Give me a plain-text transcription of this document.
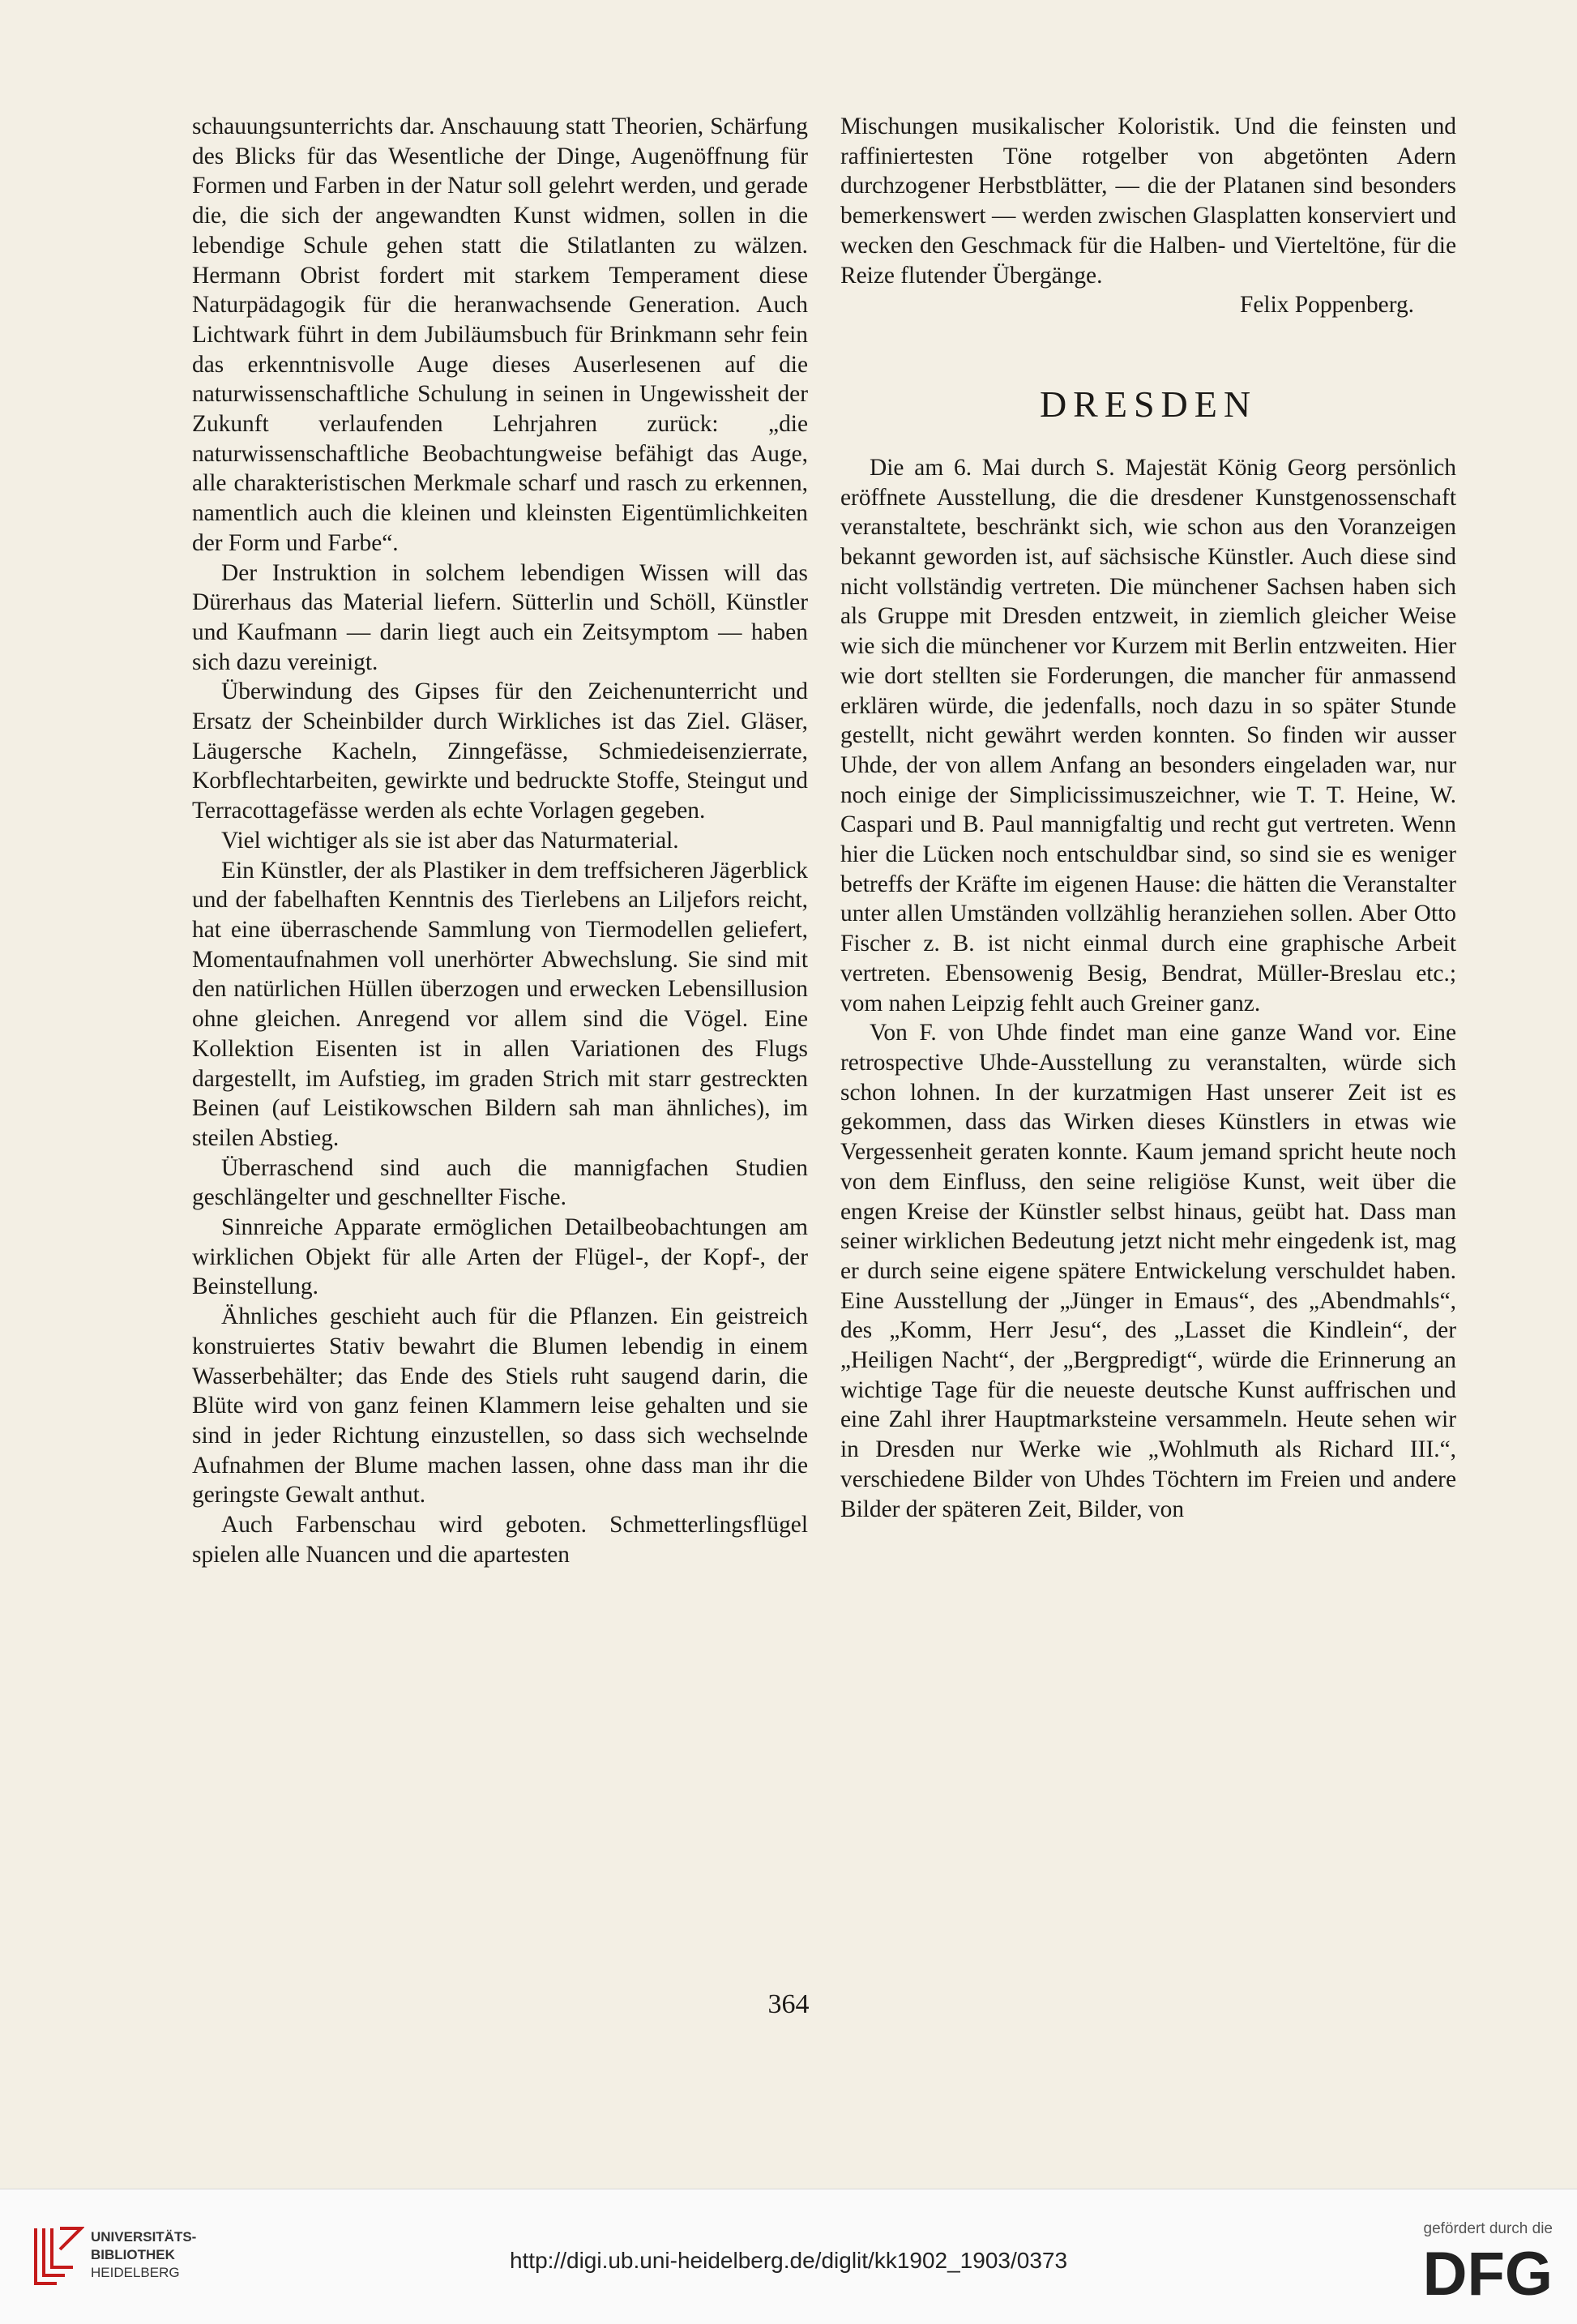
schauungsunterrichts dar. Anschauung statt Theorien, Schärfung des Blicks für das Wesentliche der Dinge, Augenöffnung für Formen und Farben in der Natur soll gelehrt werden, und gerade die, die sich der angewandten Kunst widmen, sollen in die lebendige Schule gehen statt die Stilatlanten zu wälzen. Hermann Obrist fordert mit starkem Temperament diese Naturpädagogik für die heranwachsende Generation. Auch Lichtwark führt in dem Jubiläumsbuch für Brinkmann sehr fein das erkenntnisvolle Auge dieses Auserlesenen auf die naturwissenschaftliche Schulung in seinen in Ungewissheit der Zukunft verlaufenden Lehrjahren zurück: „die naturwissenschaftliche Beobachtungweise befähigt das Auge, alle charakteristischen Merkmale scharf und rasch zu erkennen, namentlich auch die kleinen und kleinsten Eigentümlichkeiten der Form und Farbe“.

Der Instruktion in solchem lebendigen Wissen will das Dürerhaus das Material liefern. Sütterlin und Schöll, Künstler und Kaufmann — darin liegt auch ein Zeitsymptom — haben sich dazu vereinigt.

Überwindung des Gipses für den Zeichenunterricht und Ersatz der Scheinbilder durch Wirkliches ist das Ziel. Gläser, Läugersche Kacheln, Zinngefässe, Schmiedeisenzierrate, Korbflechtarbeiten, gewirkte und bedruckte Stoffe, Steingut und Terracottagefässe werden als echte Vorlagen gegeben.

Viel wichtiger als sie ist aber das Naturmaterial.

Ein Künstler, der als Plastiker in dem treffsicheren Jägerblick und der fabelhaften Kenntnis des Tierlebens an Liljefors reicht, hat eine überraschende Sammlung von Tiermodellen geliefert, Momentaufnahmen voll unerhörter Abwechslung. Sie sind mit den natürlichen Hüllen überzogen und erwecken Lebensillusion ohne gleichen. Anregend vor allem sind die Vögel. Eine Kollektion Eisenten ist in allen Variationen des Flugs dargestellt, im Aufstieg, im graden Strich mit starr gestreckten Beinen (auf Leistikowschen Bildern sah man ähnliches), im steilen Abstieg.

Überraschend sind auch die mannigfachen Studien geschlängelter und geschnellter Fische.

Sinnreiche Apparate ermöglichen Detailbeobachtungen am wirklichen Objekt für alle Arten der Flügel-, der Kopf-, der Beinstellung.

Ähnliches geschieht auch für die Pflanzen. Ein geistreich konstruiertes Stativ bewahrt die Blumen lebendig in einem Wasserbehälter; das Ende des Stiels ruht saugend darin, die Blüte wird von ganz feinen Klammern leise gehalten und sie sind in jeder Richtung einzustellen, so dass sich wechselnde Aufnahmen der Blume machen lassen, ohne dass man ihr die geringste Gewalt anthut.

Auch Farbenschau wird geboten. Schmetterlingsflügel spielen alle Nuancen und die apartesten

Mischungen musikalischer Koloristik. Und die feinsten und raffiniertesten Töne rotgelber von abgetönten Adern durchzogener Herbstblätter, — die der Platanen sind besonders bemerkenswert — werden zwischen Glasplatten konserviert und wecken den Geschmack für die Halben- und Vierteltöne, für die Reize flutender Übergänge.

Felix Poppenberg.

DRESDEN

Die am 6. Mai durch S. Majestät König Georg persönlich eröffnete Ausstellung, die die dresdener Kunstgenossenschaft veranstaltete, beschränkt sich, wie schon aus den Voranzeigen bekannt geworden ist, auf sächsische Künstler. Auch diese sind nicht vollständig vertreten. Die münchener Sachsen haben sich als Gruppe mit Dresden entzweit, in ziemlich gleicher Weise wie sich die münchener vor Kurzem mit Berlin entzweiten. Hier wie dort stellten sie Forderungen, die mancher für anmassend erklären würde, die jedenfalls, noch dazu in so später Stunde gestellt, nicht gewährt werden konnten. So finden wir ausser Uhde, der von allem Anfang an besonders eingeladen war, nur noch einige der Simplicissimuszeichner, wie T. T. Heine, W. Caspari und B. Paul mannigfaltig und recht gut vertreten. Wenn hier die Lücken noch entschuldbar sind, so sind sie es weniger betreffs der Kräfte im eigenen Hause: die hätten die Veranstalter unter allen Umständen vollzählig heranziehen sollen. Aber Otto Fischer z. B. ist nicht einmal durch eine graphische Arbeit vertreten. Ebensowenig Besig, Bendrat, Müller-Breslau etc.; vom nahen Leipzig fehlt auch Greiner ganz.

Von F. von Uhde findet man eine ganze Wand vor. Eine retrospective Uhde-Ausstellung zu veranstalten, würde sich schon lohnen. In der kurzatmigen Hast unserer Zeit ist es gekommen, dass das Wirken dieses Künstlers in etwas wie Vergessenheit geraten konnte. Kaum jemand spricht heute noch von dem Einfluss, den seine religiöse Kunst, weit über die engen Kreise der Künstler selbst hinaus, geübt hat. Dass man seiner wirklichen Bedeutung jetzt nicht mehr eingedenk ist, mag er durch seine eigene spätere Entwickelung verschuldet haben. Eine Ausstellung der „Jünger in Emaus“, des „Abendmahls“, des „Komm, Herr Jesu“, des „Lasset die Kindlein“, der „Heiligen Nacht“, der „Bergpredigt“, würde die Erinnerung an wichtige Tage für die neueste deutsche Kunst auffrischen und eine Zahl ihrer Hauptmarksteine versammeln. Heute sehen wir in Dresden nur Werke wie „Wohlmuth als Richard III.“, verschiedene Bilder von Uhdes Töchtern im Freien und andere Bilder der späteren Zeit, Bilder, von

364
UNIVERSITÄTS-
BIBLIOTHEK
HEIDELBERG	http://digi.ub.uni-heidelberg.de/diglit/kk1902_1903/0373
gefördert durch die
DFG
